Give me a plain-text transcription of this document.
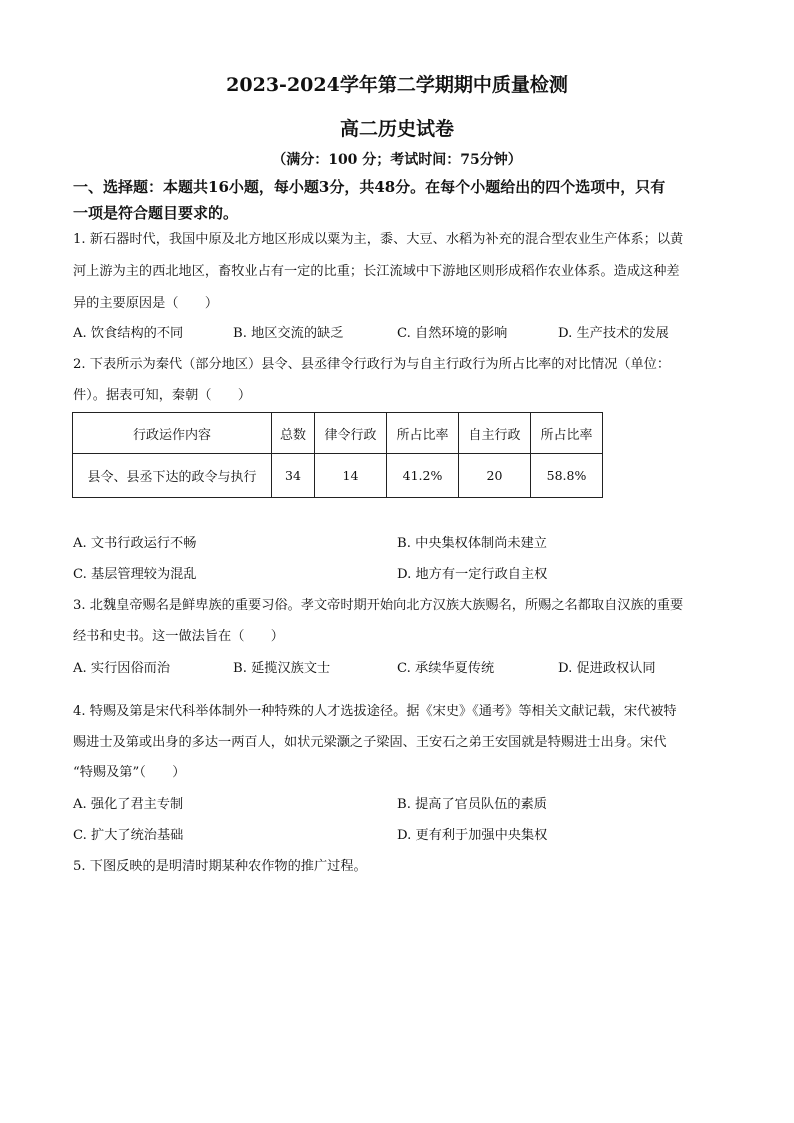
2023-2024学年第二学期期中质量检测
高二历史试卷
（满分：100 分；考试时间：75分钟）
一、选择题：本题共16小题，每小题3分，共48分。在每个小题给出的四个选项中，只有
一项是符合题目要求的。
1. 新石器时代，我国中原及北方地区形成以粟为主，黍、大豆、水稻为补充的混合型农业生产体系；以黄
河上游为主的西北地区，畜牧业占有一定的比重；长江流域中下游地区则形成稻作农业体系。造成这种差
异的主要原因是（　　）
A. 饮食结构的不同	B. 地区交流的缺乏	C. 自然环境的影响	D. 生产技术的发展
2. 下表所示为秦代（部分地区）县令、县丞律令行政行为与自主行政行为所占比率的对比情况（单位：
件）。据表可知，秦朝（　　）
行政运作内容	总数	律令行政	所占比率	自主行政	所占比率
县令、县丞下达的政令与执行	34	14	41.2%	20	58.8%
A. 文书行政运行不畅	B. 中央集权体制尚未建立
C. 基层管理较为混乱	D. 地方有一定行政自主权
3. 北魏皇帝赐名是鲜卑族的重要习俗。孝文帝时期开始向北方汉族大族赐名，所赐之名都取自汉族的重要
经书和史书。这一做法旨在（　　）
A. 实行因俗而治	B. 延揽汉族文士	C. 承续华夏传统	D. 促进政权认同
4. 特赐及第是宋代科举体制外一种特殊的人才选拔途径。据《宋史》《通考》等相关文献记载，宋代被特
赐进士及第或出身的多达一两百人，如状元梁灏之子梁固、王安石之弟王安国就是特赐进士出身。宋代
“特赐及第”（　　）
A. 强化了君主专制	B. 提高了官员队伍的素质
C. 扩大了统治基础	D. 更有利于加强中央集权
5. 下图反映的是明清时期某种农作物的推广过程。
